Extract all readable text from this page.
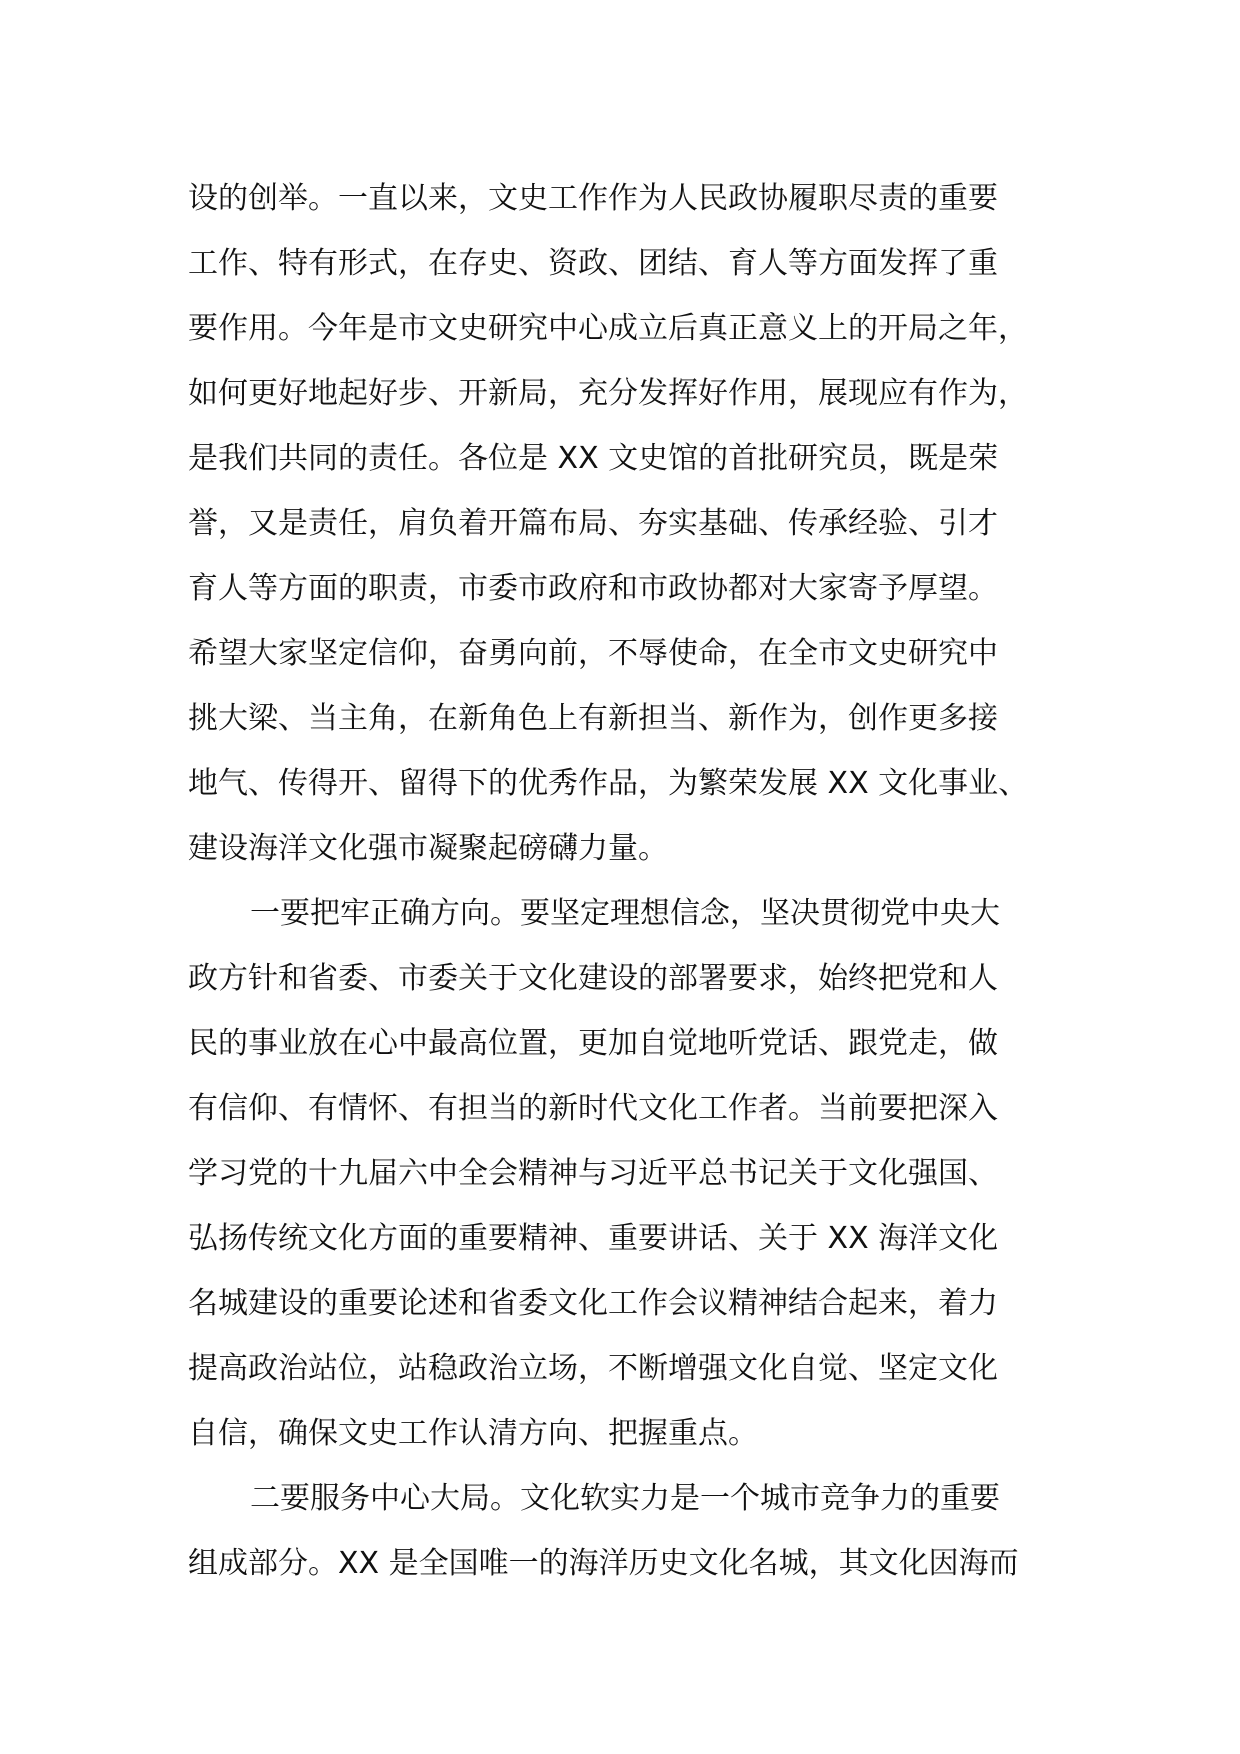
设的创举。一直以来，文史工作作为人民政协履职尽责的重要
工作、特有形式，在存史、资政、团结、育人等方面发挥了重
要作用。今年是市文史研究中心成立后真正意义上的开局之年，
如何更好地起好步、开新局，充分发挥好作用，展现应有作为，
是我们共同的责任。各位是 XX 文史馆的首批研究员，既是荣
誉，又是责任，肩负着开篇布局、夯实基础、传承经验、引才
育人等方面的职责，市委市政府和市政协都对大家寄予厚望。
希望大家坚定信仰，奋勇向前，不辱使命，在全市文史研究中
挑大梁、当主角，在新角色上有新担当、新作为，创作更多接
地气、传得开、留得下的优秀作品，为繁荣发展 XX 文化事业、
建设海洋文化强市凝聚起磅礴力量。
一要把牢正确方向。要坚定理想信念，坚决贯彻党中央大
政方针和省委、市委关于文化建设的部署要求，始终把党和人
民的事业放在心中最高位置，更加自觉地听党话、跟党走，做
有信仰、有情怀、有担当的新时代文化工作者。当前要把深入
学习党的十九届六中全会精神与习近平总书记关于文化强国、
弘扬传统文化方面的重要精神、重要讲话、关于 XX 海洋文化
名城建设的重要论述和省委文化工作会议精神结合起来，着力
提高政治站位，站稳政治立场，不断增强文化自觉、坚定文化
自信，确保文史工作认清方向、把握重点。
二要服务中心大局。文化软实力是一个城市竞争力的重要
组成部分。XX 是全国唯一的海洋历史文化名城，其文化因海而
